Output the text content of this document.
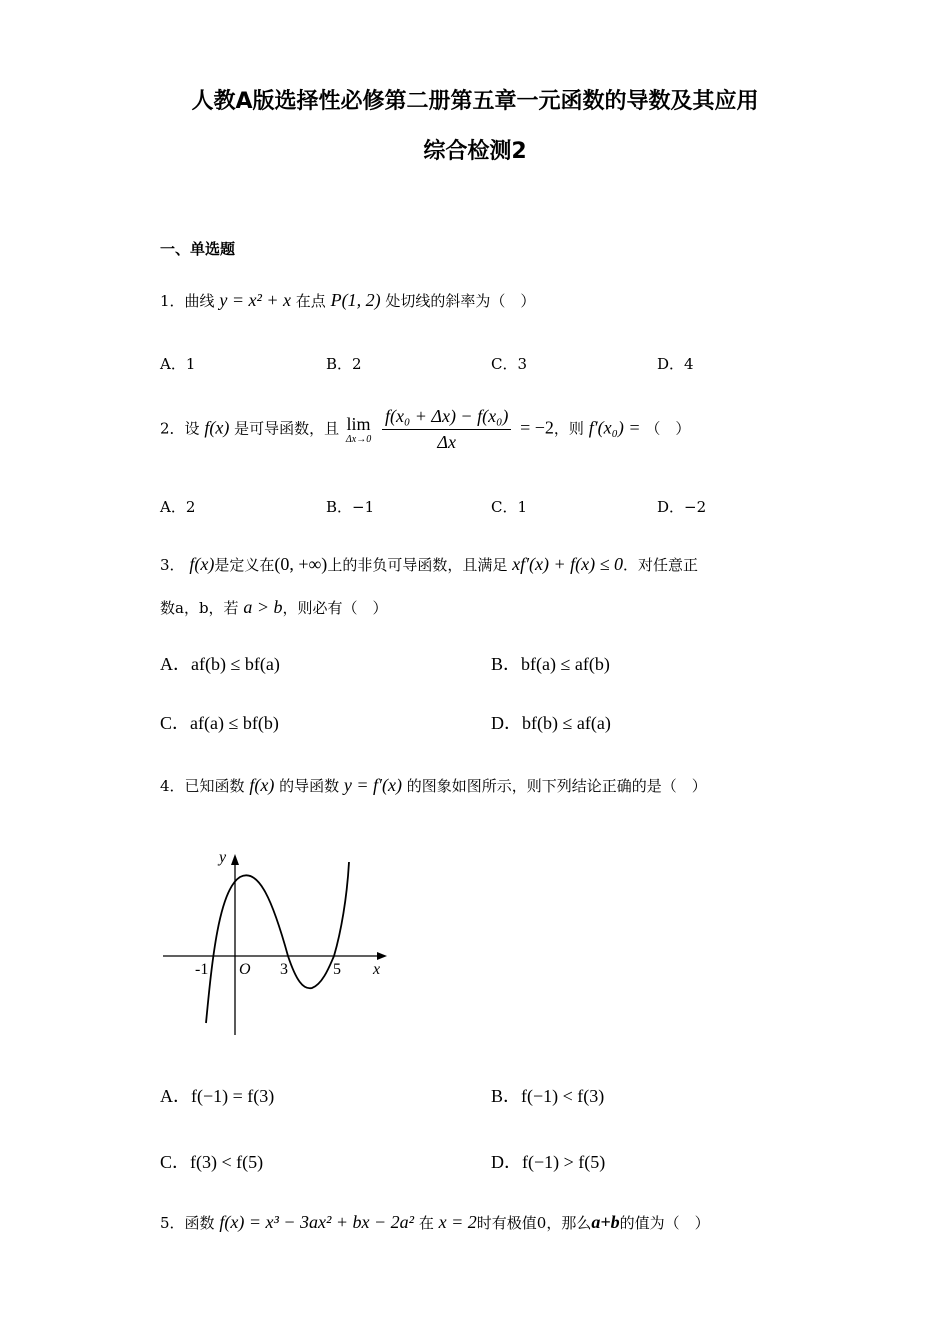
人教A版选择性必修第二册第五章一元函数的导数及其应用
综合检测2
一、单选题
1．曲线 y = x² + x 在点 P(1, 2) 处切线的斜率为（　）
A．1	B．2	C．3	D．4
2．设 f(x) 是可导函数，且 lim
Δx→0
$\frac{\text{f(x₀ + Δx) − f(x₀)}}{\Delta x} = -2$，则 f′(x₀) = （　）
A．2	B．−1	C．1	D．−2
3． f(x)是定义在(0, +∞)上的非负可导函数，且满足 xf′(x) + f(x) ≤ 0．对任意正
数a，b，若 a > b，则必有（　）
A．af(b) ≤ bf(a)	B．bf(a) ≤ af(b)
C．af(a) ≤ bf(b)	D．bf(b) ≤ af(a)
4．已知函数 f(x) 的导函数 y = f′(x) 的图象如图所示，则下列结论正确的是（　）
y
x
O
-1	3	5
A．f(−1) = f(3)	B．f(−1) < f(3)
C．f(3) < f(5)	D．f(−1) > f(5)
5．函数 f(x) = x³ − 3ax² + bx − 2a² 在 x = 2时有极值0，那么a+b的值为（　）
